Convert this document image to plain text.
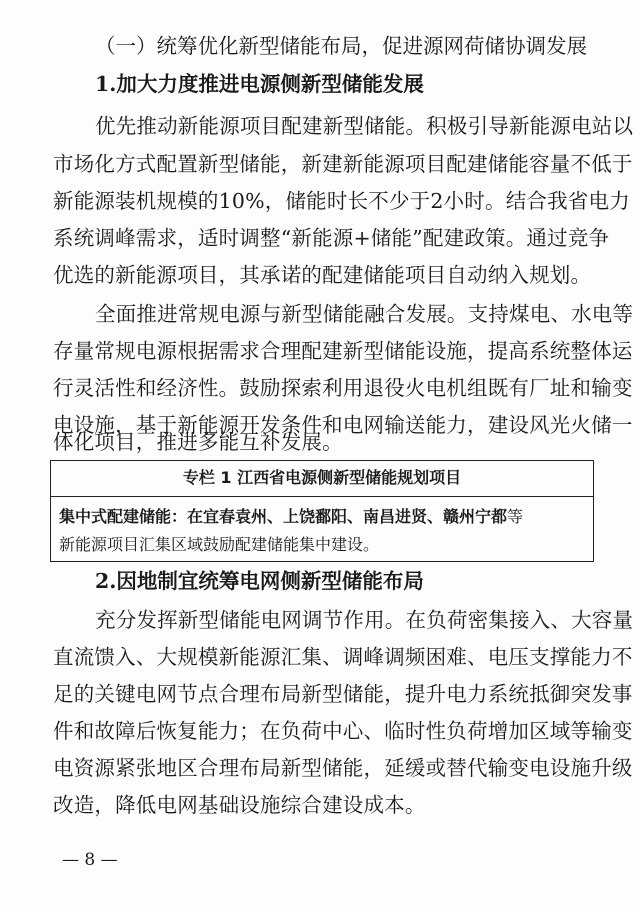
（一）统筹优化新型储能布局，促进源网荷储协调发展
1.加大力度推进电源侧新型储能发展
优先推动新能源项目配建新型储能。积极引导新能源电站以
市场化方式配置新型储能，新建新能源项目配建储能容量不低于
新能源装机规模的10%，储能时长不少于2小时。结合我省电力
系统调峰需求，适时调整“新能源+储能”配建政策。通过竞争
优选的新能源项目，其承诺的配建储能项目自动纳入规划。
全面推进常规电源与新型储能融合发展。支持煤电、水电等
存量常规电源根据需求合理配建新型储能设施，提高系统整体运
行灵活性和经济性。鼓励探索利用退役火电机组既有厂址和输变
电设施，基于新能源开发条件和电网输送能力，建设风光火储一
体化项目，推进多能互补发展。
专栏 1 江西省电源侧新型储能规划项目
集中式配建储能：在宜春袁州、上饶鄱阳、南昌进贤、赣州宁都等
新能源项目汇集区域鼓励配建储能集中建设。
2.因地制宜统筹电网侧新型储能布局
充分发挥新型储能电网调节作用。在负荷密集接入、大容量
直流馈入、大规模新能源汇集、调峰调频困难、电压支撑能力不
足的关键电网节点合理布局新型储能，提升电力系统抵御突发事
件和故障后恢复能力；在负荷中心、临时性负荷增加区域等输变
电资源紧张地区合理布局新型储能，延缓或替代输变电设施升级
改造，降低电网基础设施综合建设成本。
— 8 —
